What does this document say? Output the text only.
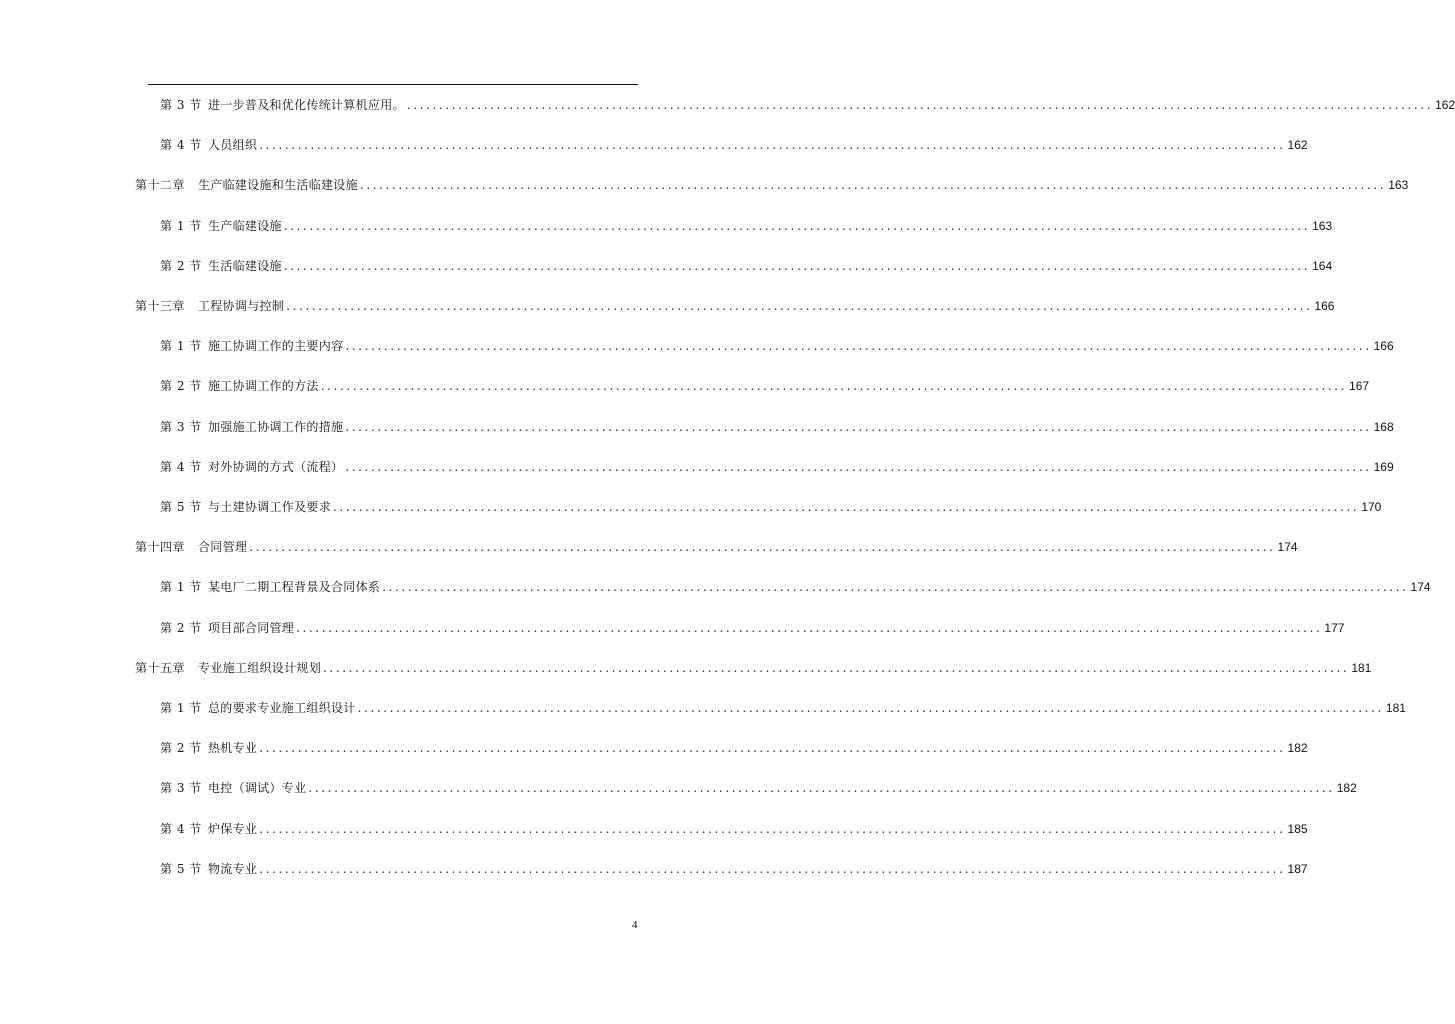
第 3 节 进一步普及和优化传统计算机应用。 ................................................................................................................................................................ 162
第 4 节 人员组织 ................................................................................................................................................................ 162
第十二章	生产临建设施和生活临建设施 ................................................................................................................................................................ 163
第 1 节 生产临建设施 ................................................................................................................................................................ 163
第 2 节 生活临建设施 ................................................................................................................................................................ 164
第十三章	工程协调与控制 ................................................................................................................................................................ 166
第 1 节 施工协调工作的主要内容 ................................................................................................................................................................ 166
第 2 节 施工协调工作的方法 ................................................................................................................................................................ 167
第 3 节 加强施工协调工作的措施 ................................................................................................................................................................ 168
第 4 节 对外协调的方式（流程） ................................................................................................................................................................ 169
第 5 节 与土建协调工作及要求 ................................................................................................................................................................ 170
第十四章	合同管理 ................................................................................................................................................................ 174
第 1 节 某电厂二期工程背景及合同体系 ................................................................................................................................................................ 174
第 2 节 项目部合同管理 ................................................................................................................................................................ 177
第十五章	专业施工组织设计规划 ................................................................................................................................................................ 181
第 1 节 总的要求专业施工组织设计 ................................................................................................................................................................ 181
第 2 节 热机专业 ................................................................................................................................................................ 182
第 3 节 电控（调试）专业 ................................................................................................................................................................ 182
第 4 节 炉保专业 ................................................................................................................................................................ 185
第 5 节 物流专业 ................................................................................................................................................................ 187
4
